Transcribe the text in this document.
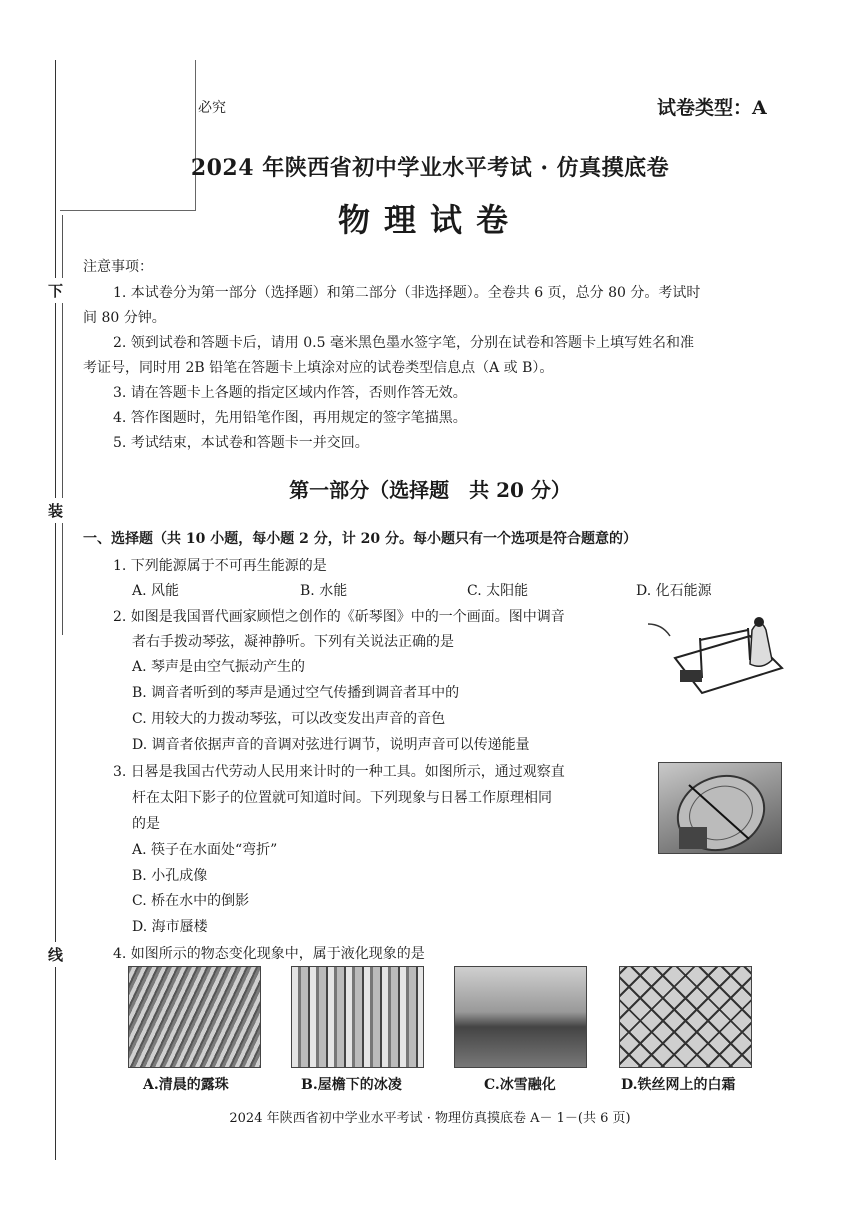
下
装
线
必究	试卷类型：A
2024 年陕西省初中学业水平考试 · 仿真摸底卷
物理试卷
注意事项：
1. 本试卷分为第一部分（选择题）和第二部分（非选择题）。全卷共 6 页，总分 80 分。考试时
间 80 分钟。
2. 领到试卷和答题卡后，请用 0.5 毫米黑色墨水签字笔，分别在试卷和答题卡上填写姓名和准
考证号，同时用 2B 铅笔在答题卡上填涂对应的试卷类型信息点（A 或 B）。
3. 请在答题卡上各题的指定区域内作答，否则作答无效。
4. 答作图题时，先用铅笔作图，再用规定的签字笔描黑。
5. 考试结束，本试卷和答题卡一并交回。
第一部分（选择题　共 20 分）
一、选择题（共 10 小题，每小题 2 分，计 20 分。每小题只有一个选项是符合题意的）
1. 下列能源属于不可再生能源的是
A. 风能	B. 水能	C. 太阳能	D. 化石能源
2. 如图是我国晋代画家顾恺之创作的《斫琴图》中的一个画面。图中调音
者右手拨动琴弦，凝神静听。下列有关说法正确的是
A. 琴声是由空气振动产生的
B. 调音者听到的琴声是通过空气传播到调音者耳中的
C. 用较大的力拨动琴弦，可以改变发出声音的音色
D. 调音者依据声音的音调对弦进行调节，说明声音可以传递能量
3. 日晷是我国古代劳动人民用来计时的一种工具。如图所示，通过观察直
杆在太阳下影子的位置就可知道时间。下列现象与日晷工作原理相同
的是
A. 筷子在水面处“弯折”
B. 小孔成像
C. 桥在水中的倒影
D. 海市蜃楼
4. 如图所示的物态变化现象中，属于液化现象的是
A.清晨的露珠	B.屋檐下的冰凌	C.冰雪融化	D.铁丝网上的白霜
2024 年陕西省初中学业水平考试 · 物理仿真摸底卷 A－ 1－(共 6 页)
